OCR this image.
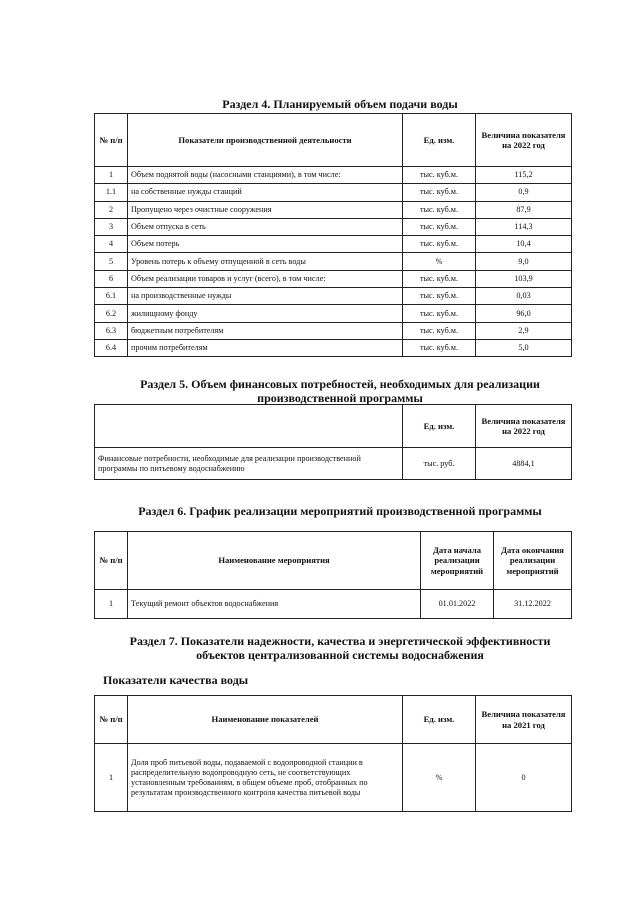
Раздел 4. Планируемый объем подачи воды
№ п/п	Показатели производственной деятельности	Ед. изм.	Величина показателя на 2022 год
1	Объем поднятой воды (насосными станциями), в том числе:	тыс. куб.м.	115,2
1.1	на собственные нужды станций	тыс. куб.м.	0,9
2	Пропущено через очистные сооружения	тыс. куб.м.	87,9
3	Объем отпуска в сеть	тыс. куб.м.	114,3
4	Объем потерь	тыс. куб.м.	10,4
5	Уровень потерь к объему отпущенной в сеть воды	%	9,0
6	Объем реализации товаров и услуг (всего), в том числе:	тыс. куб.м.	103,9
6.1	на производственные нужды	тыс. куб.м.	0,03
6.2	жилищному фонду	тыс. куб.м.	96,0
6.3	бюджетным потребителям	тыс. куб.м.	2,9
6.4	прочим потребителям	тыс. куб.м.	5,0
Раздел 5. Объем финансовых потребностей, необходимых для реализации
производственной программы
	Ед. изм.	Величина показателя на 2022 год
Финансовые потребности, необходимые для реализации производственной программы по питьевому водоснабжению	тыс. руб.	4884,1
Раздел 6. График реализации мероприятий производственной программы
№ п/п	Наименование мероприятия	Дата начала реализации мероприятий	Дата окончания реализации мероприятий
1	Текущий ремонт объектов водоснабжения	01.01.2022	31.12.2022
Раздел 7. Показатели надежности, качества и энергетической эффективности
объектов централизованной системы водоснабжения
Показатели качества воды
№ п/п	Наименование показателей	Ед. изм.	Величина показателя на 2021 год
1	Доля проб питьевой воды, подаваемой с водопроводной станции в распределительную водопроводную сеть, не соответствующих установленным требованиям, в общем объеме проб, отобранных по результатам производственного контроля качества питьевой воды	%	0
